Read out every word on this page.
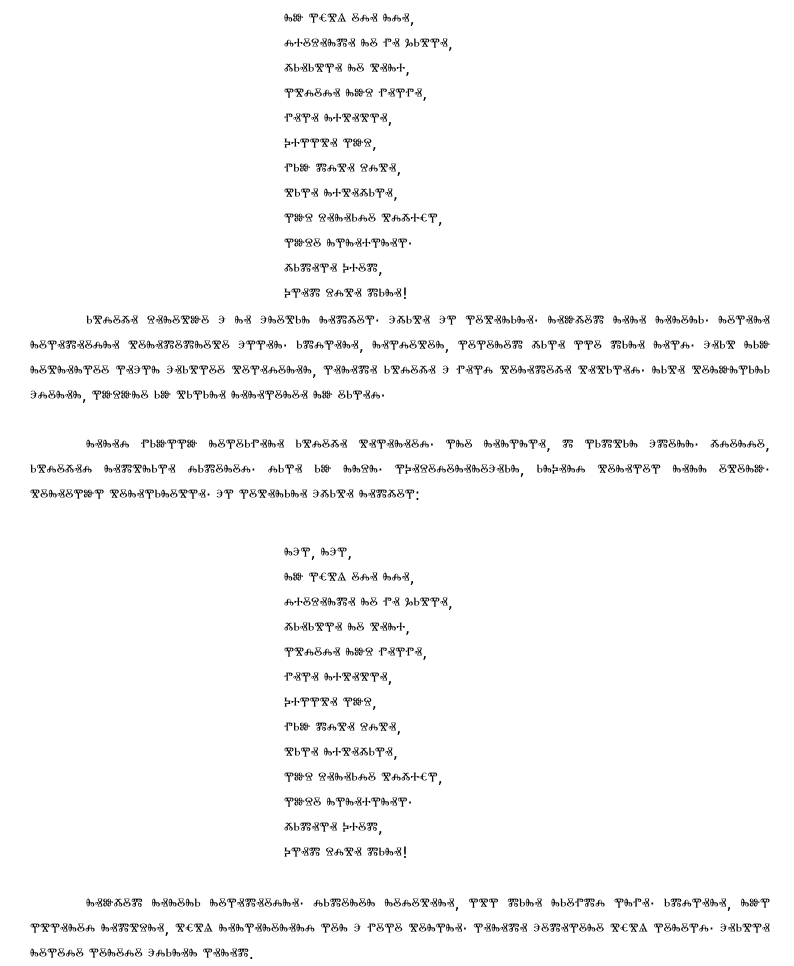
ⰸⱆ ⰹⱔⰺⱑ ⰻⰾⱏ ⰸⰾⱏ,
ⰾⰰⰻⱄⱏⰸⰿⱏ ⰸⰻ ⱂⱏ ⰳⱃⰺⰹⱏ,
ⰶⱃⱏⱃⰺⰹⱏ ⰸⰻ ⰺⱏⰸⰰ,
ⰹⰺⰾⰻⰾⱏ ⰸⱆⱄ ⱂⱏⰹⱂⱏ,
ⱂⱏⰹⱏ ⰸⰰⰺⱏⰺⰹⱏ,
ⰽⰰⰹⰹⰺⱏ ⰹⱆⱄ,
ⱂⱃⱆ ⰿⰾⰺⱏ ⱄⰾⰺⱏ,
ⰺⱃⰹⱏ ⰸⰰⰺⱏⰶⱃⰹⱏ,
ⰹⱆⱄ ⱄⱏⰸⱏⱃⰾⰻ ⰺⰾⰶⰰⱔⰹ,
ⰹⱆⱄⰻ ⰸⰹⰸⱏⰰⰹⰸⱏⰹ·
ⰶⱃⰿⱏⰹⱏ ⰽⰰⰻⰿ,
ⰽⰹⱏⰿ ⱄⰾⰺⱏ ⰿⱃⰸⱏ!

ⱃⰺⰾⰻⰶⱏ ⱄⱏⰸⰻⰺⱆⰻ ⰵ ⰸⱏ ⰵⰸⰻⰺⱃⰸ ⰸⱏⰿⰶⰻⰹ· ⰵⰶⱃⰺⱏ ⰵⰹ ⰹⰻⰺⱏⰸⱃⰸⱏ· ⰸⱏⱆⰶⰻⰿ ⰸⱏⰸⱏ ⰸⱏⰸⰻⰸⱃ· ⰸⰻⰹⱏⰸⱏ ⰸⰻⰹⱏⰿⱏⰻⰾⰸⱏ ⰺⰻⰸⱏⰿⰻⰿⰸⰻⰺⰻ ⰵⰹⰹⱏⰸ· ⱃⰿⰾⰹⱏⰸⱏ, ⰸⱏⰹⰾⰻⰺⰻⰸ, ⰹⰻⰹⰻⰸⰻⰿ ⰶⱃⰹⱏ ⰹⰹⰻ ⰿⱃⰸⱏ ⰸⱏⰹⰾ· ⰵⱏⱃⰺ ⰸⱃⱆ ⰸⰻⰺⰸⱏⰸⰹⰻⰻ ⰹⱏⰵⰹⰸ ⰵⱏⱃⰺⰹⰻⰻ ⰺⰻⰹⱏⰾⰻⰸⱏⰸ, ⰹⱏⰸⱏⰿⱏ ⱃⰺⰾⰻⰶⱏ ⰵ ⱂⱏⰹⰾ ⰺⰻⰸⱏⰿⰻⰶⱏ ⰺⱏⰺⱃⰹⱏⰾ· ⰸⱃⰺⱏ ⰺⰻⰸⱆⰸⰹⱃⰸⱃ ⰵⰾⰻⰸⱏⰸ, ⰹⱆⱄⱆⰸⰻ ⱃⱆ ⰺⱃⰹⱃⰸⱏ ⰸⱏⰸⱏⰹⰻⰸⰻⱏ ⰸⱆ ⰻⱃⰹⱏⰾ·

ⰸⱏⰸⱏⰾ ⱂⱃⱆⰹⰹⱆ ⰸⰻⰹⰻⱃⱂⱏⰸⱏ ⱃⰺⰾⰻⰶⱏ ⰺⱏⰹⱏⰸⱏⰻⰾ· ⰹⰸⰻ ⰸⱏⰸⰹⰸⰹⱏ, ⰿ ⰹⱃⰿⰺⱃⰸ ⰵⰿⰻⰸⰸ· ⰶⰾⰻⰸⰾⰻ, ⱃⰺⰾⰻⰶⱏⰾ ⰸⱏⰿⰺⰸⱃⰹⱏ ⰾⱃⰿⰻⰸⰻⰾ· ⰾⱃⰹⱏ ⱃⱆ ⰸⰸⱄⰸ· ⰹⰽⱏⱄⰻⰾⰻⰸⱏⰸⰻⰵⱏⱃⰸ, ⱃⰸⰽⱏⰸⰾ ⰺⰻⰸⱏⰹⰻⰹ ⰸⱏⰸⰸ ⰻⰺⰻⰸⱆ· ⰺⰻⰸⱏⰻⰹⱆⰹ ⰺⰻⰸⱏⰹⱃⰸⰻⰺⰹⱏ· ⰵⰹ ⰹⰻⰺⱏⰸⱃⰸⱏ ⰵⰶⱃⰺⱏ ⰸⱏⰿⰶⰻⰹ:

ⰸⰵⰹ, ⰸⰵⰹ,
ⰸⱆ ⰹⱔⰺⱑ ⰻⰾⱏ ⰸⰾⱏ,
ⰾⰰⰻⱄⱏⰸⰿⱏ ⰸⰻ ⱂⱏ ⰳⱃⰺⰹⱏ,
ⰶⱃⱏⱃⰺⰹⱏ ⰸⰻ ⰺⱏⰸⰰ,
ⰹⰺⰾⰻⰾⱏ ⰸⱆⱄ ⱂⱏⰹⱂⱏ,
ⱂⱏⰹⱏ ⰸⰰⰺⱏⰺⰹⱏ,
ⰽⰰⰹⰹⰺⱏ ⰹⱆⱄ,
ⱂⱃⱆ ⰿⰾⰺⱏ ⱄⰾⰺⱏ,
ⰺⱃⰹⱏ ⰸⰰⰺⱏⰶⱃⰹⱏ,
ⰹⱆⱄ ⱄⱏⰸⱏⱃⰾⰻ ⰺⰾⰶⰰⱔⰹ,
ⰹⱆⱄⰻ ⰸⰹⰸⱏⰰⰹⰸⱏⰹ·
ⰶⱃⰿⱏⰹⱏ ⰽⰰⰻⰿ,
ⰽⰹⱏⰿ ⱄⰾⰺⱏ ⰿⱃⰸⱏ!

ⰸⱏⱆⰶⰻⰿ ⰸⱏⰸⰻⰸⱃ ⰸⰻⰹⱏⰿⱏⰻⰾⰸⱏ· ⰾⱃⰿⰻⰸⰻⰸ ⰸⰻⰾⰻⰺⱏⰸⱏ, ⰹⰺⰹ ⰿⱃⰸⱏ ⰸⱃⰻⱂⰿⰾ ⰹⰸⱂⱏ· ⱃⰿⰾⰹⱏⰸⱏ, ⰸⱆⰹ ⰹⰺⰹⱏⰸⰻⰾ ⰸⱏⰿⰺⱄⰸⱏ, ⰺⱔⰺⱑ ⰸⱏⰸⰹⱏⰸⰻⰸⱏⰸⰾ ⰹⰻⰸ ⰵ ⱂⰻⰹⰻ ⰺⰻⰸⰹⰸⱏ· ⰹⱏⰸⱏⰿⱏ ⰵⰻⰿⱏⰹⰻⰸⰻ ⰺⱔⰺⱑ ⰹⰻⰸⰻⰹⰾ· ⰵⱏⱃⰺⰹⱏ ⰸⰻⰹⰻⰾⰻ ⰹⰻⰸⰻⰾⰻ ⰵⰾⱃⰸⱏⰸ ⰹⱏⰸⱏⰿ.
